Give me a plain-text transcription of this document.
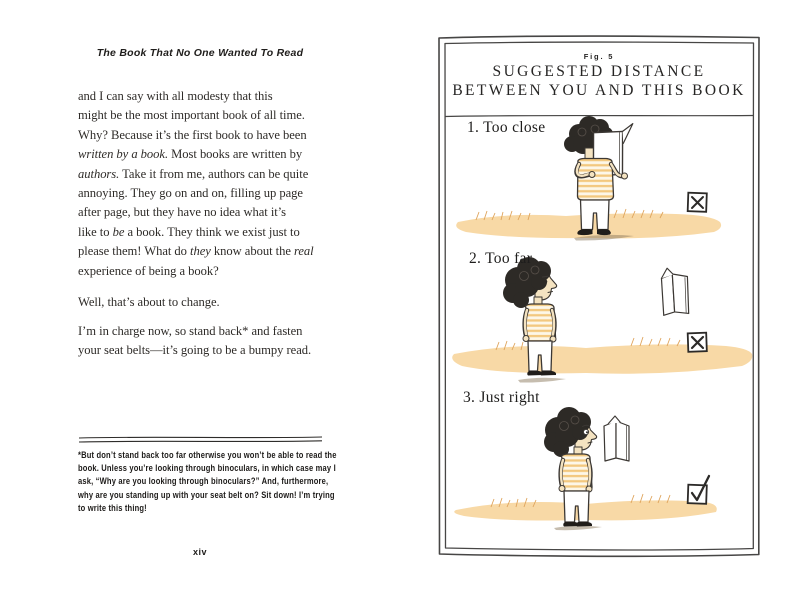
The Book That No One Wanted To Read
and I can say with all modesty that this
might be the most important book of all time.
Why? Because it’s the first book to have been
written by a book. Most books are written by
authors. Take it from me, authors can be quite
annoying. They go on and on, filling up page
after page, but they have no idea what it’s
like to be a book. They think we exist just to
please them! What do they know about the real
experience of being a book?
Well, that’s about to change.
I’m in charge now, so stand back* and fasten
your seat belts—it’s going to be a bumpy read.
*But don’t stand back too far otherwise you won’t be able to read the
book. Unless you’re looking through binoculars, in which case may I
ask, “Why are you looking through binoculars?” And, furthermore,
why are you standing up with your seat belt on? Sit down! I’m trying
to write this thing!
xiv
Fig. 5
SUGGESTED DISTANCE
BETWEEN YOU AND THIS BOOK
1. Too close
2. Too far
3. Just right
